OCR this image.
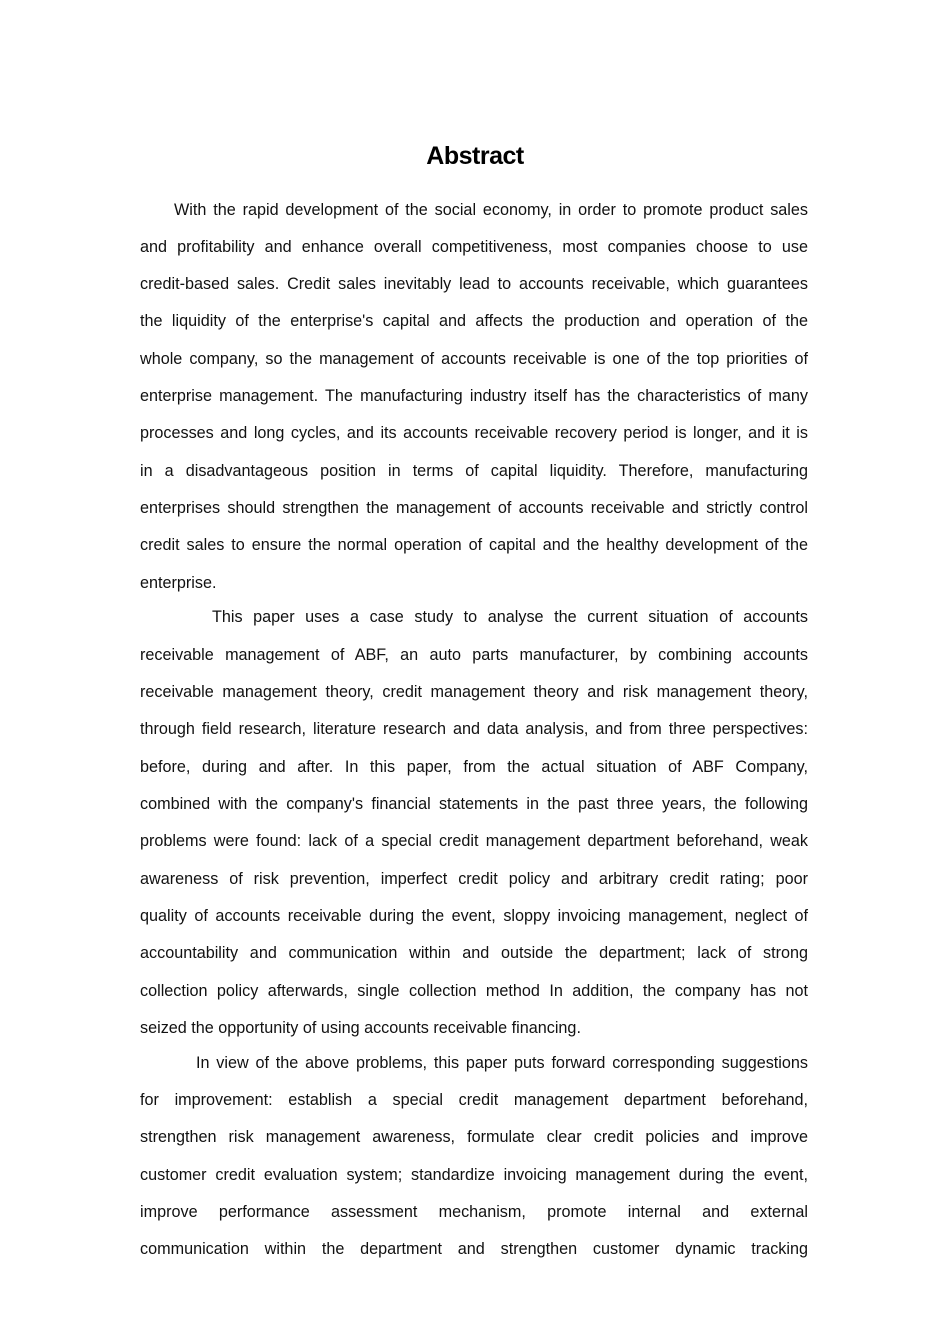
Abstract
With the rapid development of the social economy, in order to promote product sales
and profitability and enhance overall competitiveness, most companies choose to use
credit-based sales. Credit sales inevitably lead to accounts receivable, which guarantees
the liquidity of the enterprise's capital and affects the production and operation of the
whole company, so the management of accounts receivable is one of the top priorities of
enterprise management. The manufacturing industry itself has the characteristics of many
processes and long cycles, and its accounts receivable recovery period is longer, and it is
in a disadvantageous position in terms of capital liquidity. Therefore, manufacturing
enterprises should strengthen the management of accounts receivable and strictly control
credit sales to ensure the normal operation of capital and the healthy development of the
enterprise.
This paper uses a case study to analyse the current situation of accounts
receivable management of ABF, an auto parts manufacturer, by combining accounts
receivable management theory, credit management theory and risk management theory,
through field research, literature research and data analysis, and from three perspectives:
before, during and after. In this paper, from the actual situation of ABF Company,
combined with the company's financial statements in the past three years, the following
problems were found: lack of a special credit management department beforehand, weak
awareness of risk prevention, imperfect credit policy and arbitrary credit rating; poor
quality of accounts receivable during the event, sloppy invoicing management, neglect of
accountability and communication within and outside the department; lack of strong
collection policy afterwards, single collection method In addition, the company has not
seized the opportunity of using accounts receivable financing.
In view of the above problems, this paper puts forward corresponding suggestions
for improvement: establish a special credit management department beforehand,
strengthen risk management awareness, formulate clear credit policies and improve
customer credit evaluation system; standardize invoicing management during the event,
improve performance assessment mechanism, promote internal and external
communication within the department and strengthen customer dynamic tracking
